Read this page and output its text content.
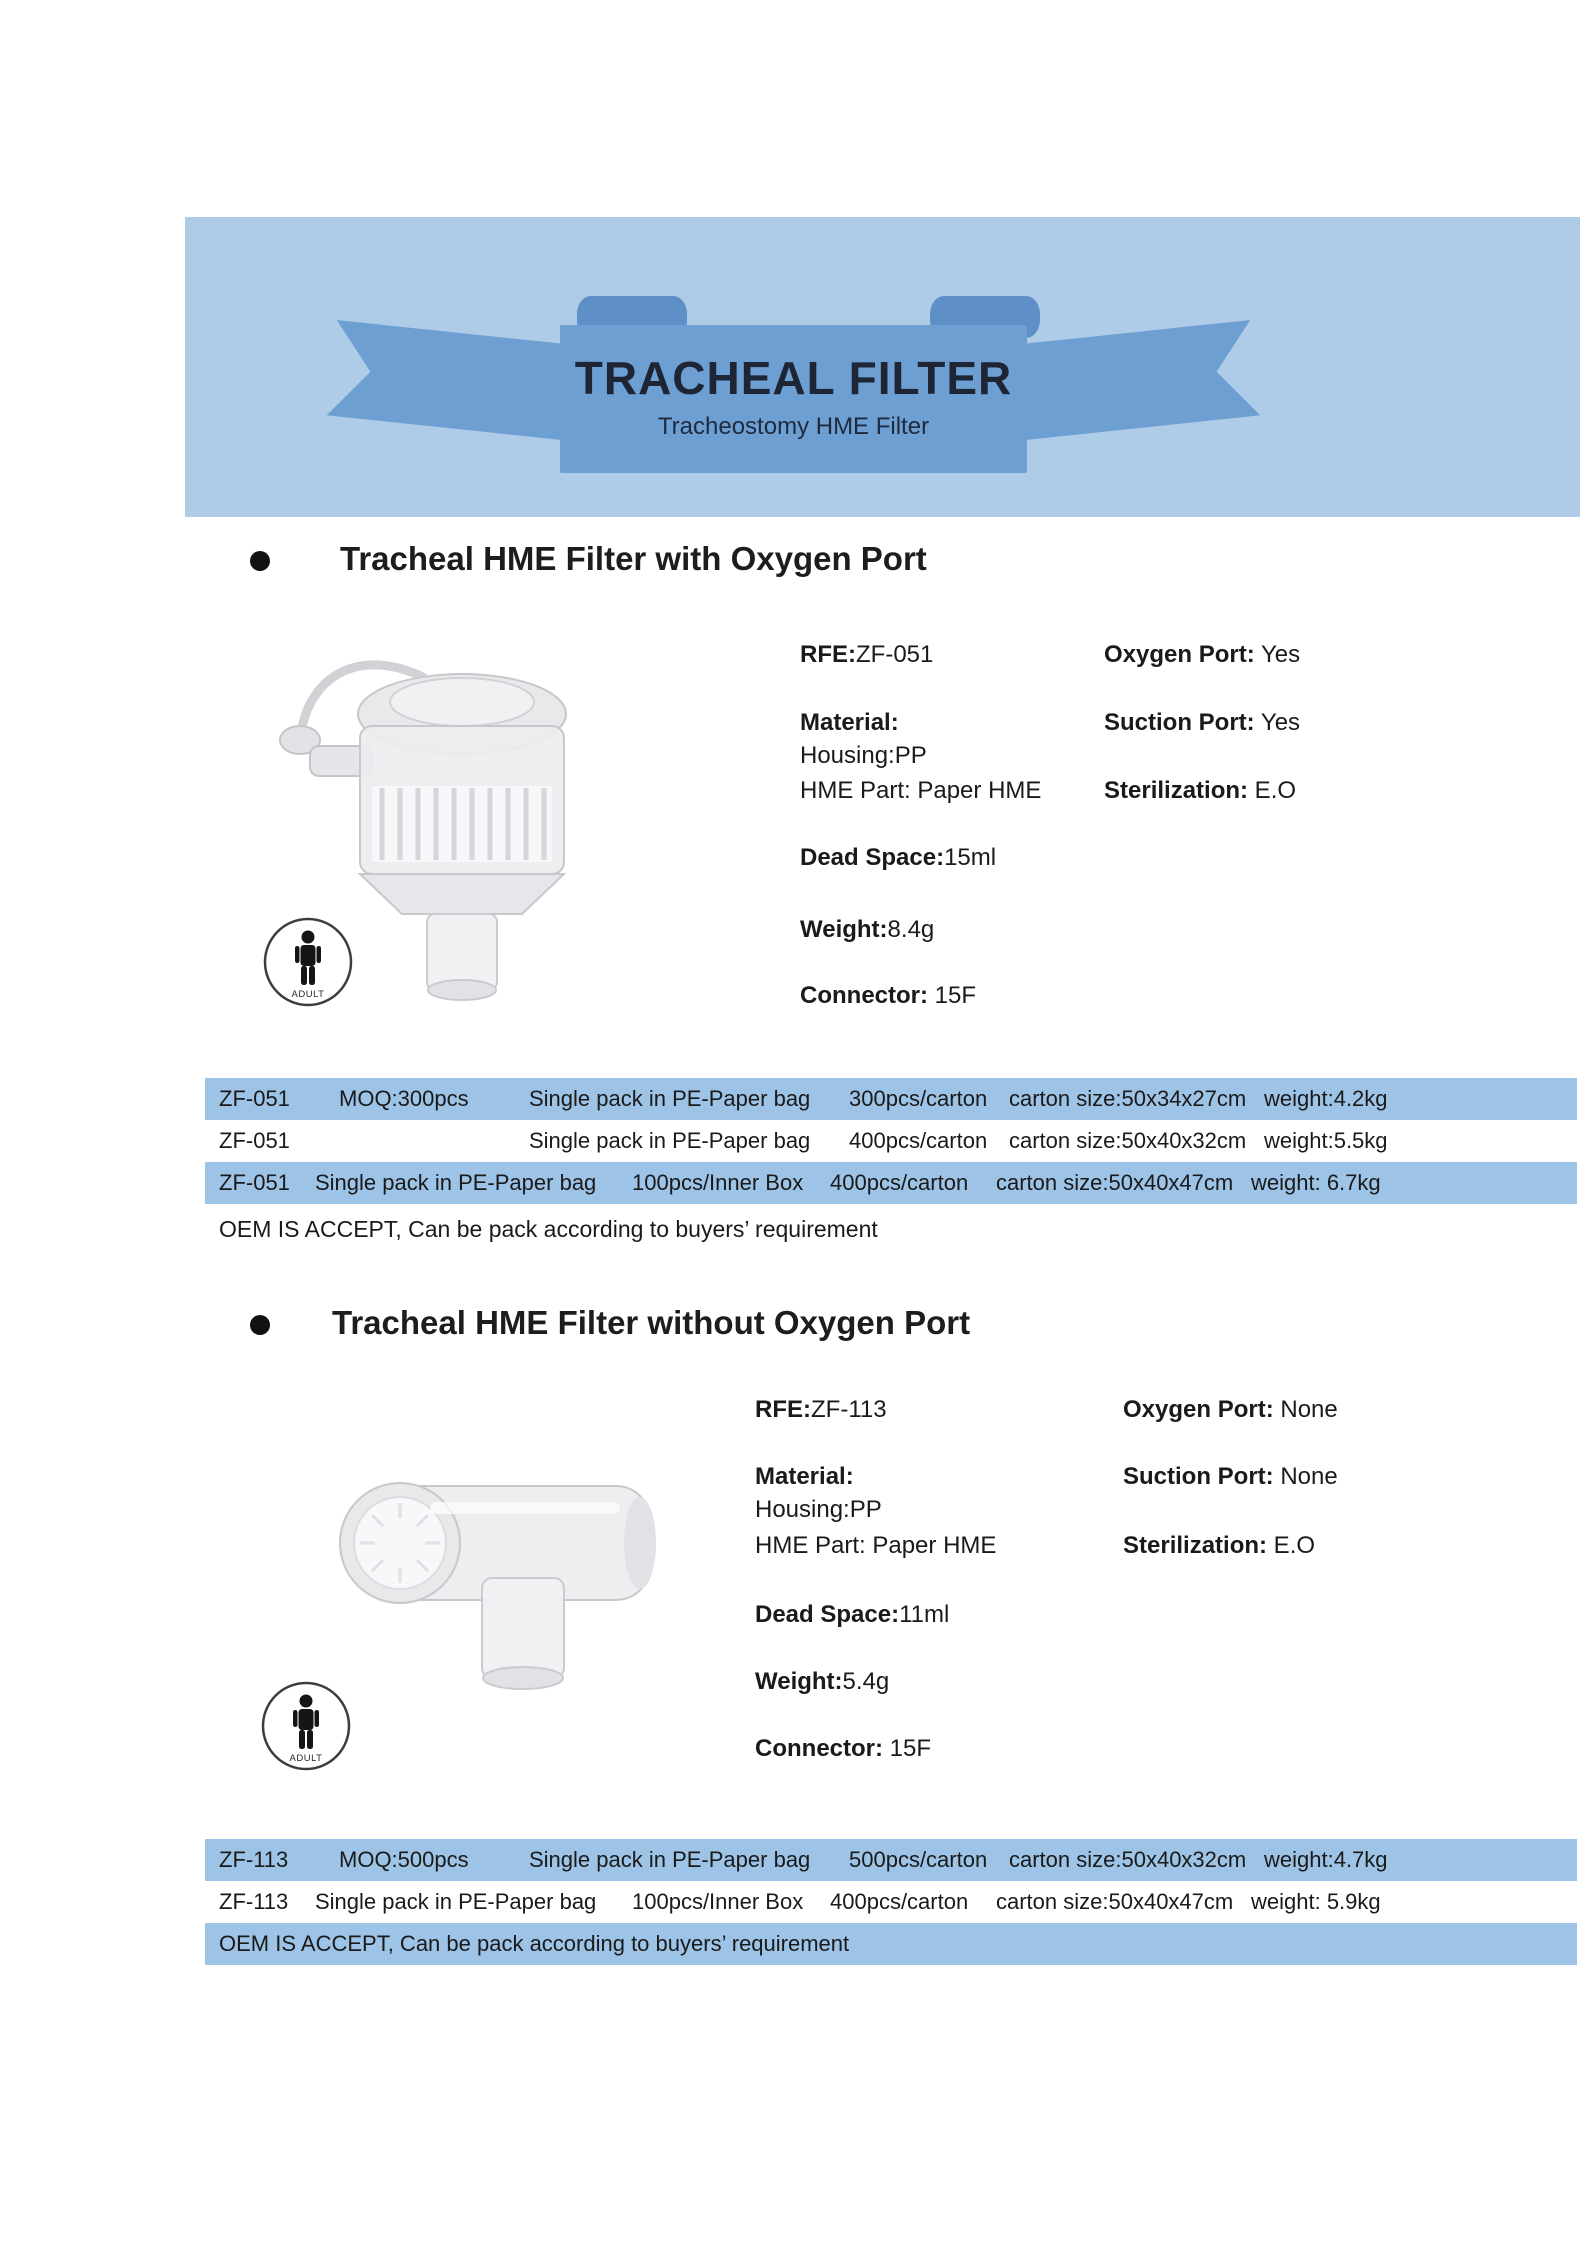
TRACHEAL FILTER
Tracheostomy HME Filter
Tracheal HME Filter with Oxygen Port
ADULT
RFE:ZF-051	Oxygen Port: Yes
Material:	Suction Port: Yes
Housing:PP
HME Part: Paper HME	Sterilization: E.O
Dead Space:15ml
Weight:8.4g
Connector: 15F
ZF-051	MOQ:300pcs	Single pack in PE-Paper bag	300pcs/carton carton size:50x34x27cm weight:4.2kg
ZF-051	Single pack in PE-Paper bag	400pcs/carton carton size:50x40x32cm weight:5.5kg
ZF-051	Single pack in PE-Paper bag	100pcs/Inner Box	400pcs/carton	carton size:50x40x47cm weight: 6.7kg
OEM IS ACCEPT, Can be pack according to buyers’ requirement
Tracheal HME Filter without Oxygen Port
ADULT
RFE:ZF-113	Oxygen Port: None
Material:	Suction Port: None
Housing:PP
HME Part: Paper HME	Sterilization: E.O
Dead Space:11ml
Weight:5.4g
Connector: 15F
ZF-113	MOQ:500pcs	Single pack in PE-Paper bag	500pcs/carton carton size:50x40x32cm weight:4.7kg
ZF-113	Single pack in PE-Paper bag	100pcs/Inner Box	400pcs/carton	carton size:50x40x47cm weight: 5.9kg
OEM IS ACCEPT, Can be pack according to buyers’ requirement
